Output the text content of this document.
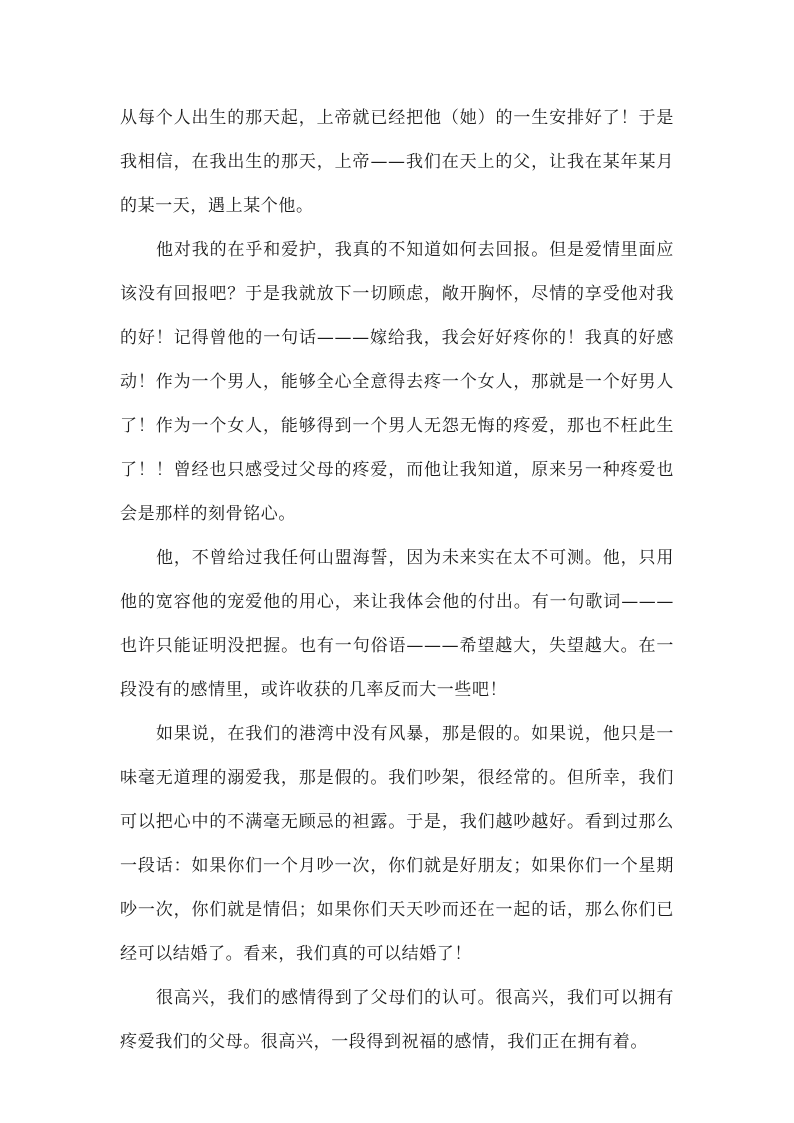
从每个人出生的那天起，上帝就已经把他（她）的一生安排好了！于是我相信，在我出生的那天，上帝——我们在天上的父，让我在某年某月的某一天，遇上某个他。

他对我的在乎和爱护，我真的不知道如何去回报。但是爱情里面应该没有回报吧？于是我就放下一切顾虑，敞开胸怀，尽情的享受他对我的好！记得曾他的一句话———嫁给我，我会好好疼你的！我真的好感动！作为一个男人，能够全心全意得去疼一个女人，那就是一个好男人了！作为一个女人，能够得到一个男人无怨无悔的疼爱，那也不枉此生了！！曾经也只感受过父母的疼爱，而他让我知道，原来另一种疼爱也会是那样的刻骨铭心。

他，不曾给过我任何山盟海誓，因为未来实在太不可测。他，只用他的宽容他的宠爱他的用心，来让我体会他的付出。有一句歌词———也许只能证明没把握。也有一句俗语———希望越大，失望越大。在一段没有的感情里，或许收获的几率反而大一些吧！

如果说，在我们的港湾中没有风暴，那是假的。如果说，他只是一味毫无道理的溺爱我，那是假的。我们吵架，很经常的。但所幸，我们可以把心中的不满毫无顾忌的袒露。于是，我们越吵越好。看到过那么一段话：如果你们一个月吵一次，你们就是好朋友；如果你们一个星期吵一次，你们就是情侣；如果你们天天吵而还在一起的话，那么你们已经可以结婚了。看来，我们真的可以结婚了！

很高兴，我们的感情得到了父母们的认可。很高兴，我们可以拥有疼爱我们的父母。很高兴，一段得到祝福的感情，我们正在拥有着。
